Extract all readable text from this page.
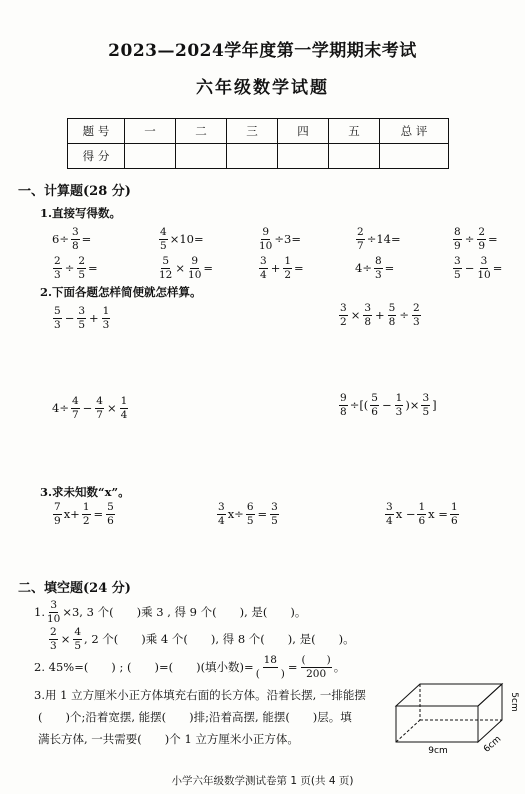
2023—2024学年度第一学期期末考试
六年级数学试题
题 号	一	二	三	四	五	总 评
得 分						
一、计算题(28 分)
1.直接写得数。
$6\div \frac{3}{8}$ =	$\frac{4}{5} \times 10=$	$\frac{9}{10} \div 3=$	$\frac{2}{7} \div 14=$	$\frac{8}{9} \div \frac{2}{9}$ =
$\frac{2}{3} \div \frac{2}{5}$ =	$\frac{5}{12} \times \frac{9}{10}$ =	$\frac{3}{4} + \frac{1}{2}$ =	$4\div \frac{8}{3}$ =	$\frac{3}{5} - \frac{3}{10}$ =
2.下面各题怎样简便就怎样算。
$\frac{5}{3} - \frac{3}{5} + \frac{1}{3}$	$\frac{3}{2} \times \frac{3}{8} + \frac{5}{8} \div \frac{2}{3}$
$4\div \frac{4}{7} - \frac{4}{7} \times \frac{1}{4}$	$\frac{9}{8}$ ÷[( $\frac{5}{6} - \frac{1}{3}$ )× $\frac{3}{5}$ ]
3.求未知数“x”。
$\frac{7}{9} x+ \frac{1}{2} = \frac{5}{6}$	$\frac{3}{4} x\div \frac{6}{5} = \frac{3}{5}$	$\frac{3}{4}$ $x - \frac{1}{6}$ $x = \frac{1}{6}$
二、填空题(24 分)
1. $\frac{3}{10} \times 3$, 3 个(　　)乘 3 , 得 9 个(　　), 是(　　)。
$\frac{2}{3} \times \frac{4}{5}$ , 2 个(　　)乘 4 个(　　), 得 8 个(　　), 是(　　)。
2. 45%=(　　) ; (　　)=(　　)(填小数)= $\frac{18}{( )} = \frac{( )}{200}$ 。
3.用 1 立方厘米小正方体填充右面的长方体。沿着长摆, 一排能摆
(　　)个;沿着宽摆, 能摆(　　)排;沿着高摆, 能摆(　　)层。填
满长方体, 一共需要(　　)个 1 立方厘米小正方体。
9cm	6cm
5cm
小学六年级数学测试卷第 1 页(共 4 页)
